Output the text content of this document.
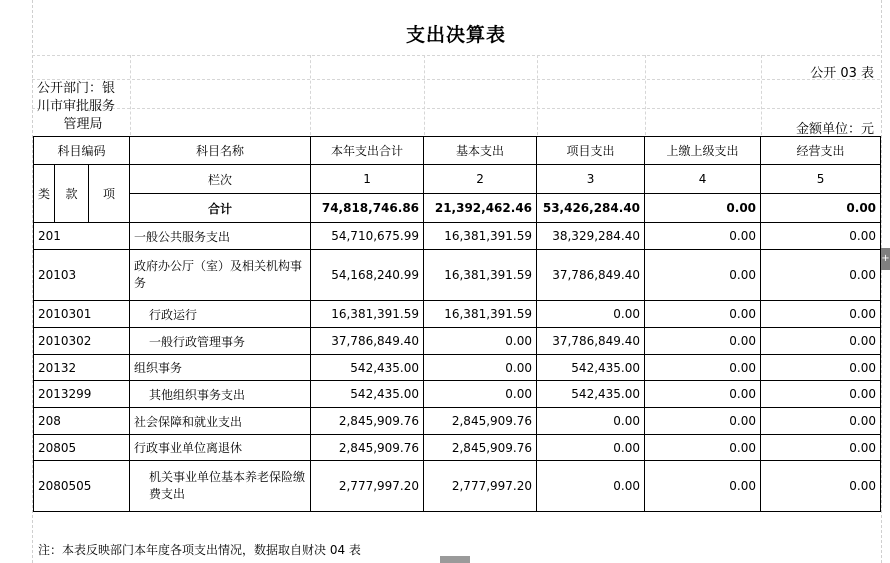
支出决算表
公开 03 表
公开部门：银
川市审批服务

管理局	金额单位：元
科目编码			科目名称	本年支出合计	基本支出	项目支出	上缴上级支出	经营支出
类	款	项	栏次	1	2	3	4	5
			合计	74,818,746.86	21,392,462.46	53,426,284.40	0.00	0.00
201			一般公共服务支出	54,710,675.99	16,381,391.59	38,329,284.40	0.00	0.00
20103			政府办公厅（室）及相关机构事务	54,168,240.99	16,381,391.59	37,786,849.40	0.00	0.00
2010301			行政运行	16,381,391.59	16,381,391.59	0.00	0.00	0.00
2010302			一般行政管理事务	37,786,849.40	0.00	37,786,849.40	0.00	0.00
20132			组织事务	542,435.00	0.00	542,435.00	0.00	0.00
2013299			其他组织事务支出	542,435.00	0.00	542,435.00	0.00	0.00
208			社会保障和就业支出	2,845,909.76	2,845,909.76	0.00	0.00	0.00
20805			行政事业单位离退休	2,845,909.76	2,845,909.76	0.00	0.00	0.00
2080505			机关事业单位基本养老保险缴费支出	2,777,997.20	2,777,997.20	0.00	0.00	0.00
注：本表反映部门本年度各项支出情况，数据取自财决 04 表
+
